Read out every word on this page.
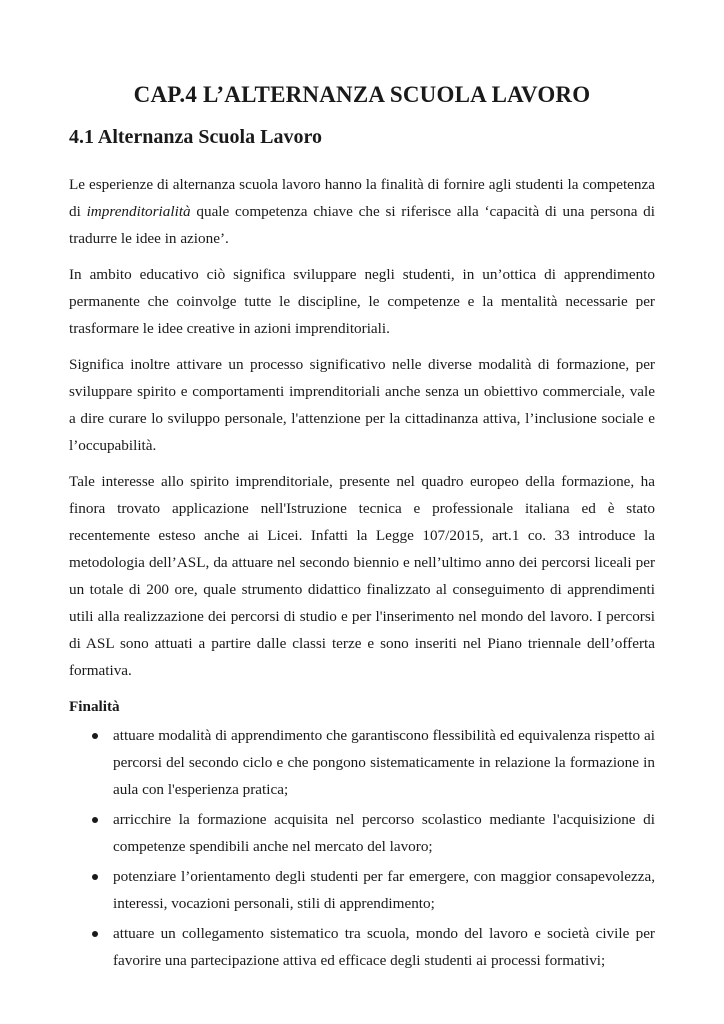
CAP.4 L’ALTERNANZA SCUOLA LAVORO
4.1 Alternanza Scuola Lavoro

Le esperienze di alternanza scuola lavoro hanno la finalità di fornire agli studenti la competenza di imprenditorialità quale competenza chiave che si riferisce alla ‘capacità di una persona di tradurre le idee in azione’.

In ambito educativo ciò significa sviluppare negli studenti, in un’ottica di apprendimento permanente che coinvolge tutte le discipline, le competenze e la mentalità necessarie per trasformare le idee creative in azioni imprenditoriali.

Significa inoltre attivare un processo significativo nelle diverse modalità di formazione, per sviluppare spirito e comportamenti imprenditoriali anche senza un obiettivo commerciale, vale a dire curare lo sviluppo personale, l'attenzione per la cittadinanza attiva, l’inclusione sociale e l’occupabilità.

Tale interesse allo spirito imprenditoriale, presente nel quadro europeo della formazione, ha finora trovato applicazione nell'Istruzione tecnica e professionale italiana ed è stato recentemente esteso anche ai Licei. Infatti la Legge 107/2015, art.1 co. 33 introduce la metodologia dell’ASL, da attuare nel secondo biennio e nell’ultimo anno dei percorsi liceali per un totale di 200 ore, quale strumento didattico finalizzato al conseguimento di apprendimenti utili alla realizzazione dei percorsi di studio e per l'inserimento nel mondo del lavoro. I percorsi di ASL sono attuati a partire dalle classi terze e sono inseriti nel Piano triennale dell’offerta formativa.

Finalità
attuare modalità di apprendimento che garantiscono flessibilità ed equivalenza rispetto ai percorsi del secondo ciclo e che pongono sistematicamente in relazione la formazione in aula con l'esperienza pratica;
arricchire la formazione acquisita nel percorso scolastico mediante l'acquisizione di competenze spendibili anche nel mercato del lavoro;
potenziare l’orientamento degli studenti per far emergere, con maggior consapevolezza, interessi, vocazioni personali, stili di apprendimento;
attuare un collegamento sistematico tra scuola, mondo del lavoro e società civile per favorire una partecipazione attiva ed efficace degli studenti ai processi formativi;
